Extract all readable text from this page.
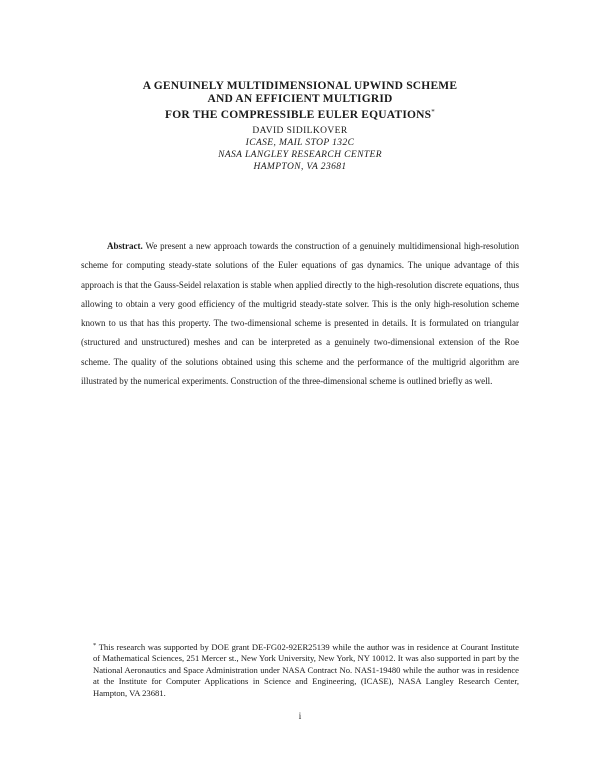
A GENUINELY MULTIDIMENSIONAL UPWIND SCHEME

AND AN EFFICIENT MULTIGRID

FOR THE COMPRESSIBLE EULER EQUATIONS*

DAVID SIDILKOVER

ICASE, MAIL STOP 132C

NASA LANGLEY RESEARCH CENTER

HAMPTON, VA 23681

Abstract. We present a new approach towards the construction of a genuinely multidimensional high-resolution scheme for computing steady-state solutions of the Euler equations of gas dynamics. The unique advantage of this approach is that the Gauss-Seidel relaxation is stable when applied directly to the high-resolution discrete equations, thus allowing to obtain a very good efficiency of the multigrid steady-state solver. This is the only high-resolution scheme known to us that has this property. The two-dimensional scheme is presented in details. It is formulated on triangular (structured and unstructured) meshes and can be interpreted as a genuinely two-dimensional extension of the Roe scheme. The quality of the solutions obtained using this scheme and the performance of the multigrid algorithm are illustrated by the numerical experiments. Construction of the three-dimensional scheme is outlined briefly as well.

* This research was supported by DOE grant DE-FG02-92ER25139 while the author was in residence at Courant Institute of Mathematical Sciences, 251 Mercer st., New York University, New York, NY 10012. It was also supported in part by the National Aeronautics and Space Administration under NASA Contract No. NAS1-19480 while the author was in residence at the Institute for Computer Applications in Science and Engineering, (ICASE), NASA Langley Research Center, Hampton, VA 23681.

i
